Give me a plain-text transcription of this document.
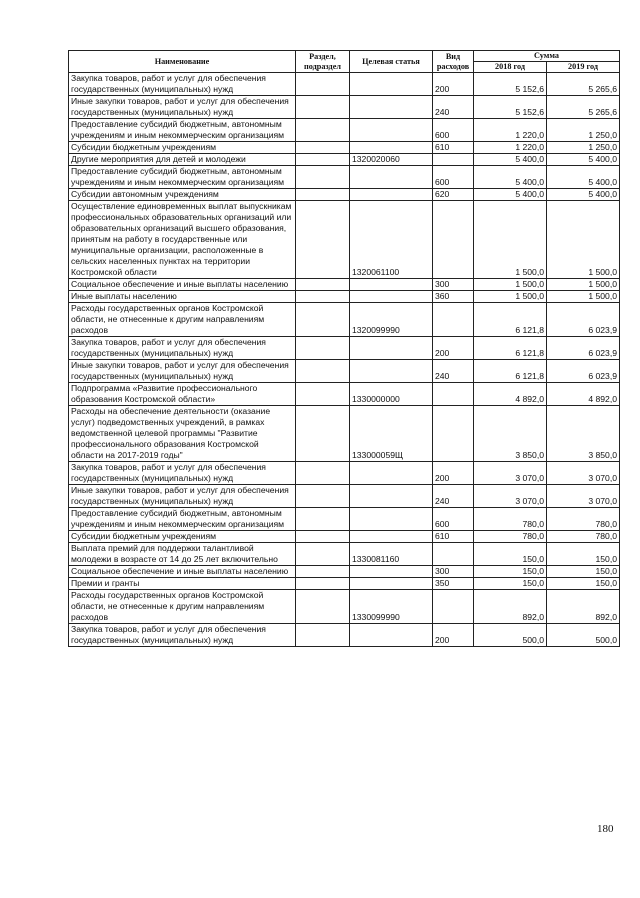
Наименование	Раздел, подраздел	Целевая статья	Вид расходов	Сумма	
				2018 год	2019 год
Закупка товаров, работ и услуг для обеспечения государственных (муниципальных) нужд			200	5 152,6	5 265,6
Иные закупки товаров, работ и услуг для обеспечения государственных (муниципальных) нужд			240	5 152,6	5 265,6
Предоставление субсидий бюджетным, автономным учреждениям и иным некоммерческим организациям			600	1 220,0	1 250,0
Субсидии бюджетным учреждениям			610	1 220,0	1 250,0
Другие мероприятия для детей и молодежи		1320020060		5 400,0	5 400,0
Предоставление субсидий бюджетным, автономным учреждениям и иным некоммерческим организациям			600	5 400,0	5 400,0
Субсидии автономным учреждениям			620	5 400,0	5 400,0
Осуществление единовременных выплат выпускникам профессиональных образовательных организаций или образовательных организаций высшего образования, принятым на работу в государственные или муниципальные организации, расположенные в сельских населенных пунктах на территории Костромской области		1320061100		1 500,0	1 500,0
Социальное обеспечение и иные выплаты населению			300	1 500,0	1 500,0
Иные выплаты населению			360	1 500,0	1 500,0
Расходы государственных органов Костромской области, не отнесенные к другим направлениям расходов		1320099990		6 121,8	6 023,9
Закупка товаров, работ и услуг для обеспечения государственных (муниципальных) нужд			200	6 121,8	6 023,9
Иные закупки товаров, работ и услуг для обеспечения государственных (муниципальных) нужд			240	6 121,8	6 023,9
Подпрограмма «Развитие профессионального образования Костромской области»		1330000000		4 892,0	4 892,0
Расходы на обеспечение деятельности (оказание услуг) подведомственных учреждений, в рамках ведомственной целевой программы "Развитие профессионального образования Костромской области на 2017-2019 годы"		133000059Щ		3 850,0	3 850,0
Закупка товаров, работ и услуг для обеспечения государственных (муниципальных) нужд			200	3 070,0	3 070,0
Иные закупки товаров, работ и услуг для обеспечения государственных (муниципальных) нужд			240	3 070,0	3 070,0
Предоставление субсидий бюджетным, автономным учреждениям и иным некоммерческим организациям			600	780,0	780,0
Субсидии бюджетным учреждениям			610	780,0	780,0
Выплата премий для поддержки талантливой молодежи в возрасте от 14 до 25 лет включительно		1330081160		150,0	150,0
Социальное обеспечение и иные выплаты населению			300	150,0	150,0
Премии и гранты			350	150,0	150,0
Расходы государственных органов Костромской области, не отнесенные к другим направлениям расходов		1330099990		892,0	892,0
Закупка товаров, работ и услуг для обеспечения государственных (муниципальных) нужд			200	500,0	500,0
180
